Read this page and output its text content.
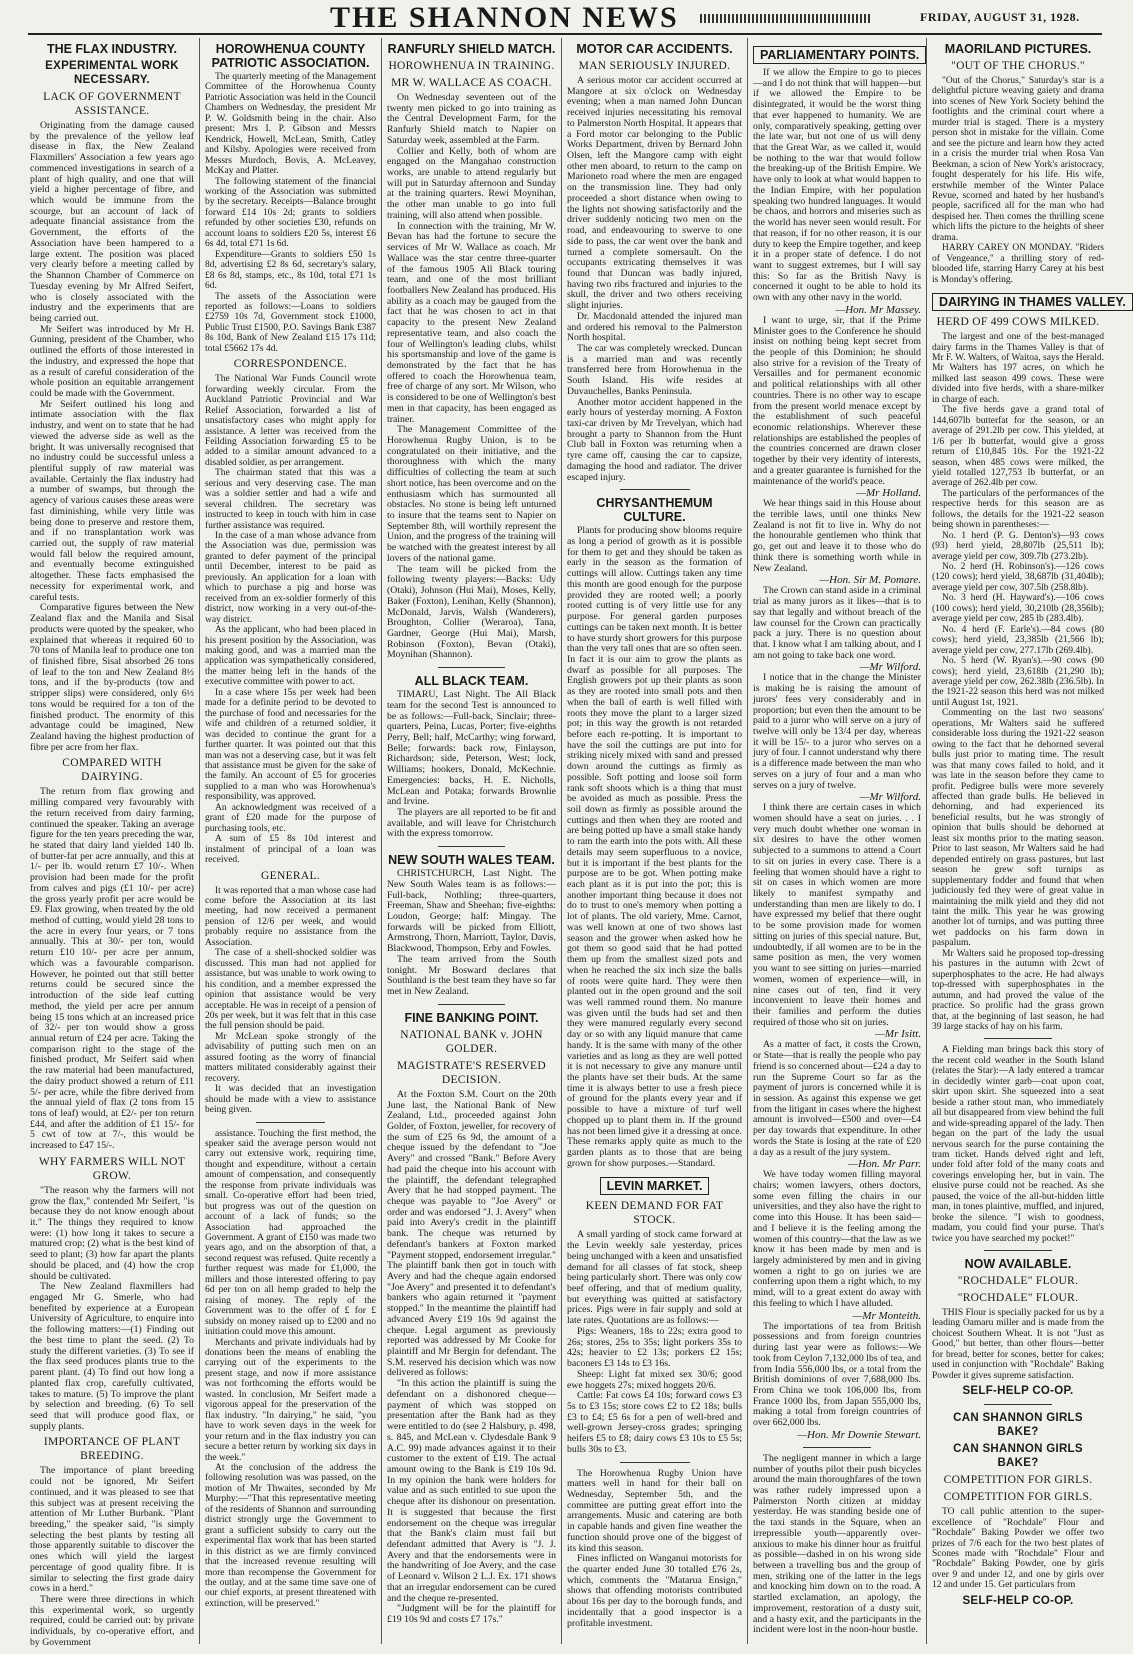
THE SHANNON NEWS	FRIDAY, AUGUST 31, 1928.
THE FLAX INDUSTRY.
EXPERIMENTAL WORK NECESSARY.
LACK OF GOVERNMENT ASSISTANCE.

Originating from the damage caused by the prevalence of the yellow leaf disease in flax, the New Zealand Flaxmillers' Association a few years ago commenced investigations in search of a plant of high quality, and one that will yield a higher percentage of fibre, and which would be immune from the scourge, but an account of lack of adequate financial assistance from the Government, the efforts of the Association have been hampered to a large extent. The position was placed very clearly before a meeting called by the Shannon Chamber of Commerce on Tuesday evening by Mr Alfred Seifert, who is closely associated with the industry and the experiments that are being carried out.

Mr Seifert was introduced by Mr H. Gunning, president of the Chamber, who outlined the efforts of those interested in the industry, and expressed the hope that as a result of careful consideration of the whole position an equitable arrangement could be made with the Government.

Mr Seifert outlined his long and intimate association with the flax industry, and went on to state that he had viewed the adverse side as well as the bright. It was universally recognised that no industry could be successful unless a plentiful supply of raw material was available. Certainly the flax industry had a number of swamps, but through the agency of various causes these areas were fast diminishing, while very little was being done to preserve and restore them, and if no transplantation work was carried out, the supply of raw material would fall below the required amount, and eventually become extinguished altogether. These facts emphasised the necessity for experimental work, and careful tests.

Comparative figures between the New Zealand flax and the Manila and Sisal products were quoted by the speaker, who explained that whereas it required 60 to 70 tons of Manila leaf to produce one ton of finished fibre, Sisal absorbed 26 tons of leaf to the ton and New Zealand 8½ tons, and if the by-products (tow and stripper slips) were considered, only 6½ tons would be required for a ton of the finished product. The enormity of this advantage could be imagined, New Zealand having the highest production of fibre per acre from her flax.

COMPARED WITH DAIRYING.

The return from flax growing and milling compared very favourably with the return received from dairy farming, continued the speaker. Taking an average figure for the ten years preceding the war, he stated that dairy land yielded 140 lb. of butter-fat per acre annually, and this at 1/- per lb. would return £7 10/-. When provision had been made for the profit from calves and pigs (£1 10/- per acre) the gross yearly profit per acre would be £9. Flax growing, when treated by the old method of cutting, would yield 28 tons to the acre in every four years, or 7 tons annually. This at 30/- per ton, would return £10 10/- per acre per annum, which was a favourable comparison. However, he pointed out that still better returns could be secured since the introduction of the side leaf cutting method, the yield per acre per annum being 15 tons which at an increased price of 32/- per ton would show a gross annual return of £24 per acre. Taking the comparison right to the stage of the finished product, Mr Seifert said when the raw material had been manufactured, the dairy product showed a return of £11 5/- per acre, while the fibre derived from the annual yield of flax (2 tons from 15 tons of leaf) would, at £2/- per ton return £44, and after the addition of £1 15/- for 5 cwt of tow at 7/-, this would be increased to £47 15/-.

WHY FARMERS WILL NOT GROW.

"The reason why the farmers will not grow the flax," contended Mr Seifert, "is because they do not know enough about it." The things they required to know were: (1) how long it takes to secure a matured crop; (2) what is the best kind of seed to plant; (3) how far apart the plants should be placed, and (4) how the crop should be cultivated.

The New Zealand flaxmillers had engaged Mr G. Smerle, who had benefited by experience at a European University of Agriculture, to enquire into the following matters:—(1) Finding out the best time to plant the seed. (2) To study the different varieties. (3) To see if the flax seed produces plants true to the parent plant. (4) To find out how long a planted flax crop, carefully cultivated, takes to mature. (5) To improve the plant by selection and breeding. (6) To sell seed that will produce good flax, or supply plants.

IMPORTANCE OF PLANT BREEDING.

The importance of plant breeding could not be ignored, Mr Seifert continued, and it was pleased to see that this subject was at present receiving the attention of Mr Luther Burbank. "Plant breeding," the speaker said, "is simply selecting the best plants by testing all those apparently suitable to discover the ones which will yield the largest percentage of good quality fibre. It is similar to selecting the first grade dairy cows in a herd."

There were three directions in which this experimental work, so urgently required, could be carried out: by private individuals, by co-operative effort, and by Government

HOROWHENUA COUNTY PATRIOTIC ASSOCIATION.

The quarterly meeting of the Management Committee of the Horowhenua County Patriotic Association was held in the Council Chambers on Wednesday, the president Mr P. W. Goldsmith being in the chair. Also present: Mrs I. P. Gibson and Messrs Kendrick, Howell, McLean, Smith, Catley and Kilsby. Apologies were received from Messrs Murdoch, Bovis, A. McLeavey, McKay and Platter.

The following statement of the financial working of the Association was submitted by the secretary. Receipts—Balance brought forward £14 10s 2d; grants to soldiers refunded by other societies £30, refunds on account loans to soldiers £20 5s, interest £6 6s 4d, total £71 1s 6d.

Expenditure—Grants to soldiers £50 1s 8d, advertising £2 8s 6d, secretary's salary, £8 6s 8d, stamps, etc., 8s 10d, total £71 1s 6d.

The assets of the Association were reported as follows:—Loans to soldiers £2759 10s 7d, Government stock £1000, Public Trust £1500, P.O. Savings Bank £387 8s 10d, Bank of New Zealand £15 17s 11d; total £5662 17s 4d.

CORRESPONDENCE.

The National War Funds Council wrote forwarding weekly circular. From the Auckland Patriotic Provincial and War Relief Association, forwarded a list of unsatisfactory cases who might apply for assistance. A letter was received from the Feilding Association forwarding £5 to be added to a similar amount advanced to a disabled soldier, as per arrangement.

The chairman stated that this was a serious and very deserving case. The man was a soldier settler and had a wife and several children. The secretary was instructed to keep in touch with him in case further assistance was required.

In the case of a man whose advance from the Association was due, permission was granted to defer payment of the principal until December, interest to be paid as previously. An application for a loan with which to purchase a pig and horse was received from an ex-soldier formerly of this district, now working in a very out-of-the-way district.

As the applicant, who had been placed in his present position by the Association, was making good, and was a married man the application was sympathetically considered, the matter being left in the hands of the executive committee with power to act.

In a case where 15s per week had been made for a definite period to be devoted to the purchase of food and necessaries for the wife and children of a returned soldier, it was decided to continue the grant for a further quarter. It was pointed out that this man was not a deserving case, but it was felt that assistance must be given for the sake of the family. An account of £5 for groceries supplied to a man who was Horowhenua's responsibility, was approved.

An acknowledgment was received of a grant of £20 made for the purpose of purchasing tools, etc.

A sum of £5 8s 10d interest and instalment of principal of a loan was received.

GENERAL.

It was reported that a man whose case had come before the Association at its last meeting, had now received a permanent pension of 12/6 per week, and would probably require no assistance from the Association.

The case of a shell-shocked soldier was discussed. This man had not applied for assistance, but was unable to work owing to his condition, and a member expressed the opinion that assistance would be very acceptable. He was in receipt of a pension of 20s per week, but it was felt that in this case the full pension should be paid.

Mr McLean spoke strongly of the advisability of putting such men on an assured footing as the worry of financial matters militated considerably against their recovery.

It was decided that an investigation should be made with a view to assistance being given.

assistance. Touching the first method, the speaker said the average person would not carry out extensive work, requiring time, thought and expenditure, without a certain amount of compensation, and consequently the response from private individuals was small. Co-operative effort had been tried, but progress was out of the question on account of a lack of funds; so the Association had approached the Government. A grant of £150 was made two years ago, and on the absorption of that, a second request was refused. Quite recently a further request was made for £1,000, the millers and those interested offering to pay 6d per ton on all hemp graded to help the raising of money. The reply of the Government was to the offer of £ for £ subsidy on money raised up to £200 and no initiation could move this amount.

Merchants and private individuals had by donations been the means of enabling the carrying out of the experiments to the present stage, and now if more assistance was not forthcoming the efforts would be wasted. In conclusion, Mr Seifert made a vigorous appeal for the preservation of the flax industry. "In dairying," he said, "you have to work seven days in the week for your return and in the flax industry you can secure a better return by working six days in the week."

At the conclusion of the address the following resolution was was passed, on the motion of Mr Thwaites, seconded by Mr Murphy:—"That this representative meeting of the residents of Shannon and surrounding district strongly urge the Government to grant a sufficient subsidy to carry out the experimental flax work that has been started in this district as we are firmly convinced that the increased revenue resulting will more than recompense the Government for the outlay, and at the same time save one of our chief exports, at present threatened with extinction, will be preserved."

RANFURLY SHIELD MATCH.
HOROWHENUA IN TRAINING.
MR W. WALLACE AS COACH.

On Wednesday seventeen out of the twenty men picked to go into training as the Central Development Farm, for the Ranfurly Shield match to Napier on Saturday week, assembled at the Farm.

Collier and Kelly, both of whom are engaged on the Mangahao construction works, are unable to attend regularly but will put in Saturday afternoon and Sunday at the training quarters. Rewi Moynihan, the other man unable to go into full training, will also attend when possible.

In connection with the training, Mr W. Bevan has had the fortune to secure the services of Mr W. Wallace as coach. Mr Wallace was the star centre three-quarter of the famous 1905 All Black touring team, and one of the most brilliant footballers New Zealand has produced. His ability as a coach may be gauged from the fact that he was chosen to act in that capacity to the present New Zealand representative team, and also coach the four of Wellington's leading clubs, whilst his sportsmanship and love of the game is demonstrated by the fact that he has offered to coach the Horowhenua team, free of charge of any sort. Mr Wilson, who is considered to be one of Wellington's best men in that capacity, has been engaged as trainer.

The Management Committee of the Horowhenua Rugby Union, is to be congratulated on their initiative, and the thoroughness with which the many difficulties of collecting the team at such short notice, has been overcome and on the enthusiasm which has surmounted all obstacles. No stone is being left unturned to insure that the teams sent to Napier on September 8th, will worthily represent the Union, and the progress of the training will be watched with the greatest interest by all lovers of the national game.

The team will be picked from the following twenty players:—Backs: Udy (Otaki), Johnson (Hui Mai), Moses, Kelly, Baker (Foxton), Lenihan, Kelly (Shannon), McDonald, Jarvis, Walsh (Wanderers), Broughton, Collier (Weraroa), Tana, Gardner, George (Hui Mai), Marsh, Robinson (Foxton), Bevan (Otaki), Moynihan (Shannon).

ALL BLACK TEAM.

TIMARU, Last Night. The All Black team for the second Test is announced to be as follows:—Full-back, Sinclair; three-quarters, Peina, Lucas, Porter; five-eighths Perry, Bell; half, McCarthy; wing forward, Belle; forwards: back row, Finlayson, Richardson; side, Peterson, West; lock, Williams; hookers, Donald, McKechnie. Emergencies: backs, H. E. Nicholls, McLean and Potaka; forwards Brownlie and Irvine.

The players are all reported to be fit and available, and will leave for Christchurch with the express tomorrow.

NEW SOUTH WALES TEAM.

CHRISTCHURCH, Last Night. The New South Wales team is as follows:—Full-back, Nothling; three-quarters, Freeman, Shaw and Sheehan; five-eighths: Loudon, George; half: Mingay. The forwards will be picked from Elliott, Armstrong, Thorn, Marriott, Taylor, Davis, Blackwood, Thompson, Erby and Fowles.

The team arrived from the South tonight. Mr Bosward declares that Southland is the best team they have so far met in New Zealand.

FINE BANKING POINT.
NATIONAL BANK v. JOHN GOLDER.
MAGISTRATE'S RESERVED DECISION.

At the Foxton S.M. Court on the 20th June last, the National Bank of New Zealand, Ltd., proceeded against John Golder, of Foxton, jeweller, for recovery of the sum of £25 6s 9d, the amount of a cheque issued by the defendant to "Joe Avery" and crossed "Bank." Before Avery had paid the cheque into his account with the plaintiff, the defendant telegraphed Avery that he had stopped payment. The cheque was payable to "Joe Avery" or order and was endorsed "J. J. Avery" when paid into Avery's credit in the plaintiff bank. The cheque was returned by defendant's bankers at Foxton marked "Payment stopped, endorsement irregular." The plaintiff bank then got in touch with Avery and had the cheque again endorsed "Joe Avery" and presented it to defendant's bankers who again returned it "payment stopped." In the meantime the plaintiff had advanced Avery £19 10s 9d against the cheque. Legal argument as previously reported was addressed by Mr Cooke for plaintiff and Mr Bergin for defendant. The S.M. reserved his decision which was now delivered as follows:

"In this action the plaintiff is suing the defendant on a dishonored cheque—payment of which was stopped on presentation after the Bank had as they were entitled to do (see 2 Halsbury, p. 498, s. 845, and McLean v. Clydesdale Bank 9 A.C. 99) made advances against it to their customer to the extent of £19. The actual amount owing to the Bank is £19 10s 9d. In my opinion the bank were holders for value and as such entitled to sue upon the cheque after its dishonour on presentation. It is suggested that because the first endorsement on the cheque was irregular that the Bank's claim must fail but defendant admitted that Avery is "J. J. Avery and that the endorsements were in the handwriting of Joe Avery, and the case of Leonard v. Wilson 2 L.J. Ex. 171 shows that an irregular endorsement can be cured and the cheque re-presented.

"Judgment will be for the plaintiff for £19 10s 9d and costs £7 17s."

MOTOR CAR ACCIDENTS.
MAN SERIOUSLY INJURED.

A serious motor car accident occurred at Mangore at six o'clock on Wednesday evening; when a man named John Duncan received injuries necessitating his removal to Palmerston North Hospital. It appears that a Ford motor car belonging to the Public Works Department, driven by Bernard John Olsen, left the Mangore camp with eight other men aboard, to return to the camp on Marioneto road where the men are engaged on the transmission line. They had only proceeded a short distance when owing to the lights not showing satisfactorily and the driver suddenly noticing two men on the road, and endeavouring to swerve to one side to pass, the car went over the bank and turned a complete somersault. On the occupants extricating themselves it was found that Duncan was badly injured, having two ribs fractured and injuries to the skull, the driver and two others receiving slight injuries.

Dr. Macdonald attended the injured man and ordered his removal to the Palmerston North hospital.

The car was completely wrecked. Duncan is a married man and was recently transferred here from Horowhenua in the South Island. His wife resides at Duvauchelles, Banks Peninsula.

Another motor accident happened in the early hours of yesterday morning. A Foxton taxi-car driven by Mr Trevelyan, which had brought a party to Shannon from the Hunt Club ball in Foxton was returning when a tyre came off, causing the car to capsize, damaging the hood and radiator. The driver escaped injury.

CHRYSANTHEMUM CULTURE.

Plants for producing show blooms require as long a period of growth as it is possible for them to get and they should be taken as early in the season as the formation of cuttings will allow. Cuttings taken any time this month are good enough for the purpose provided they are rooted well; a poorly rooted cutting is of very little use for any purpose. For general garden purposes cuttings can be taken next month. It is better to have sturdy short growers for this purpose than the very tall ones that are so often seen. In fact it is our aim to grow the plants as dwarf as possible for all purposes. The English growers pot up their plants as soon as they are rooted into small pots and then when the ball of earth is well filled with roots they move the plant to a larger sized pot; in this way the growth is not retarded before each re-potting. It is important to have the soil the cuttings are put into for striking nicely mixed with sand and pressed down around the cuttings as firmly as possible. Soft potting and loose soil form rank soft shoots which is a thing that must be avoided as much as possible. Press the soil down as firmly as possible around the cuttings and then when they are rooted and are being potted up have a small stake handy to ram the earth into the pots with. All these details may seem superfluous to a novice, but it is important if the best plants for the purpose are to be got. When potting make each plant as it is put into the pot; this is another important thing because it does not do to trust to one's memory when potting a lot of plants. The old variety, Mme. Carnot, was well known at one of two shows last season and the grower when asked how he got them so good said that he had potted them up from the smallest sized pots and when he reached the six inch size the balls of roots were quite hard. They were then planted out in the open ground and the soil was well rammed round them. No manure was given until the buds had set and then they were manured regularly every second day or so with any liquid manure that came handy. It is the same with many of the other varieties and as long as they are well potted it is not necessary to give any manure until the plants have set their buds. At the same time it is always better to use a fresh piece of ground for the plants every year and if possible to have a mixture of turf well chopped up to plant them in. If the ground has not been limed give it a dressing at once. These remarks apply quite as much to the garden plants as to those that are being grown for show purposes.—Standard.

LEVIN MARKET.
KEEN DEMAND FOR FAT STOCK.

A small yarding of stock came forward at the Levin weekly sale yesterday, prices being unchanged with a keen and unsatisfied demand for all classes of fat stock, sheep being particularly short. There was only cow beef offering, and that of medium quality, but everything was quitted at satisfactory prices. Pigs were in fair supply and sold at late rates. Quotations are as follows:—

Pigs: Weaners, 18s to 22s; extra good to 26s; stores, 25s to 35s; light porkers 35s to 42s; heavier to £2 13s; porkers £2 15s; baconers £3 14s to £3 16s.

Sheep: Light fat mixed sex 30/6; good ewe hoggets 27s; mixed hoggets 20/6.

Cattle: Fat cows £4 10s; forward cows £3 5s to £3 15s; store cows £2 to £2 18s; bulls £3 to £4; £5 6s for a pen of well-bred and well-grown Jersey-cross grades; springing heifers £5 to £8; dairy cows £3 10s to £5 5s; bulls 30s to £3.

The Horowhenua Rugby Union have matters well in hand for their ball on Wednesday, September 5th, and the committee are putting great effort into the arrangements. Music and catering are both in capable hands and given fine weather the function should prove one of the biggest of its kind this season.

Fines inflicted on Wanganui motorists for the quarter ended June 30 totalled £76 2s, which, comments the "Matarua Ensign," shows that offending motorists contributed about 16s per day to the borough funds, and incidentally that a good inspector is a profitable investment.

PARLIAMENTARY POINTS.

If we allow the Empire to go to pieces—and I do not think that will happen—but if we allowed the Empire to be disintegrated, it would be the worst thing that ever happened to humanity. We are only, comparatively speaking, getting over the late war, but not one of us will deny that the Great War, as we called it, would be nothing to the war that would follow the breaking-up of the British Empire. We have only to look at what would happen to the Indian Empire, with her population speaking two hundred languages. It would be chaos, and horrors and miseries such as the world has never seen would result. For that reason, if for no other reason, it is our duty to keep the Empire together, and keep it in a proper state of defence. I do not want to suggest extremes, but I will say this: So far as the British Navy is concerned it ought to be able to hold its own with any other navy in the world.

—Hon. Mr Massey.

I want to urge, sir, that if the Prime Minister goes to the Conference he should insist on nothing being kept secret from the people of this Dominion; he should also strive for a revision of the Treaty of Versailles and for permanent economic and political relationships with all other countries. There is no other way to escape from the present world menace except by the establishment of such peaceful economic relationships. Wherever these relationships are established the peoples of the countries concerned are drawn closer together by their very identity of interests, and a greater guarantee is furnished for the maintenance of the world's peace.

—Mr Holland.

We hear things said in this House about the terrible laws, until one thinks New Zealand is not fit to live in. Why do not the honourable gentlemen who think that go, get out and leave it to those who do think there is something worth while in New Zealand.

—Hon. Sir M. Pomare.

The Crown can stand aside in a criminal trial as many jurors as it likes—that is to say that legally and without breach of the law counsel for the Crown can practically pack a jury. There is no question about that. I know what I am talking about, and I am not going to take back one word.

—Mr Wilford.

I notice that in the change the Minister is making he is raising the amount of jurors' fees very considerably and in proportion; but even then the amount to be paid to a juror who will serve on a jury of twelve will only be 13/4 per day, whereas it will be 15/- to a juror who serves on a jury of four. I cannot understand why there is a difference made between the man who serves on a jury of four and a man who serves on a jury of twelve.

—Mr Wilford.

I think there are certain cases in which women should have a seat on juries. . . I very much doubt whether one woman in six desires to have the other women subjected to a summons to attend a Court to sit on juries in every case. There is a feeling that women should have a right to sit on cases in which women are more likely to manifest sympathy and understanding than men are likely to do. I have expressed my belief that there ought to be some provision made for women sitting on juries of this special nature. But, undoubtedly, if all women are to be in the same position as men, the very women you want to see sitting on juries—married women, women of experience—will, in nine cases out of ten, find it very inconvenient to leave their homes and their families and perform the duties required of those who sit on juries.

—Mr Isitt.

As a matter of fact, it costs the Crown, or State—that is really the people who pay friend is so concerned about—£24 a day to run the Supreme Court so far as the payment of jurors is concerned while it is in session. As against this expense we get from the litigant in cases where the highest amount is involved—£500 and over—£4 per day towards that expenditure. In other words the State is losing at the rate of £20 a day as a result of the jury system.

—Hon. Mr Parr.

We have today women filling mayoral chairs; women lawyers, others doctors, some even filling the chairs in our universities, and they also have the right to come into this House. It has been said—and I believe it is the feeling among the women of this country—that the law as we know it has been made by men and is largely administered by men and in giving women a right to go on juries we are conferring upon them a right which, to my mind, will to a great extent do away with this feeling to which I have alluded.

—Mr Monteith.

The importations of tea from British possessions and from foreign countries during last year were as follows:—We took from Ceylon 7,132,000 lbs of tea, and from India 556,000 lbs, or a total from the British dominions of over 7,688,000 lbs. From China we took 106,000 lbs, from France 1000 lbs, from Japan 555,000 lbs, making a total from foreign countries of over 662,000 lbs.

—Hon. Mr Downie Stewart.

The negligent manner in which a large number of youths pilot their push bicycles around the main thoroughfares of the town was rather rudely impressed upon a Palmerston North citizen at midday yesterday. He was standing beside one of the taxi stands in the Square, when an irrepressible youth—apparently over-anxious to make his dinner hour as fruitful as possible—dashed in on his wrong side between a travelling bus and the group of men, striking one of the latter in the legs and knocking him down on to the road. A startled exclamation, an apology, the improvement, restoration of a dusty suit, and a hasty exit, and the participants in the incident were lost in the noon-hour bustle.

MAORILAND PICTURES.
"OUT OF THE CHORUS."

"Out of the Chorus," Saturday's star is a delightful picture weaving gaiety and drama into scenes of New York Society behind the footlights and the criminal court where a murder trial is staged. There is a mystery person shot in mistake for the villain. Come and see the picture and learn how they acted in a crisis the murder trial when Rosa Van Beekman, a scion of New York's aristocracy, fought desperately for his life. His wife, erstwhile member of the Winter Palace Revue, scorned and hated by her husband's people, sacrificed all for the man who had despised her. Then comes the thrilling scene which lifts the picture to the heights of sheer drama.

HARRY CAREY ON MONDAY. "Riders of Vengeance," a thrilling story of red-blooded life, starring Harry Carey at his best is Monday's offering.

DAIRYING IN THAMES VALLEY.
HERD OF 499 COWS MILKED.

The largest and one of the best-managed dairy farms in the Thames Valley is that of Mr F. W. Walters, of Waitoa, says the Herald. Mr Walters has 197 acres, on which he milked last season 499 cows. These were divided into five herds, with a share-milker in charge of each.

The five herds gave a grand total of 144,607lb butterfat for the season, or an average of 291.2lb per cow. This yielded, at 1/6 per lb butterfat, would give a gross return of £10,845 10s. For the 1921-22 season, when 485 cows were milked, the yield totalled 127,753 lb butterfat, or an average of 262.4lb per cow.

The particulars of the performances of the respective herds for this season are as follows, the details for the 1921-22 season being shown in parentheses:—

No. 1 herd (P. G. Denton's)—93 cows (93) herd yield, 28,807lb (25,511 lb); average yield per cow, 309.7lb (273.2lb).

No. 2 herd (H. Robinson's).—126 cows (120 cows); herd yield, 38,687lb (31,404lb); average yield per cow, 307.5lb (258.8lb).

No. 3 herd (H. Hayward's).—106 cows (100 cows); herd yield, 30,210lb (28,356lb); average yield per cow, 285 lb (283.4lb).

No. 4 herd (F. Earle's).—84 cows (80 cows); herd yield, 23,385lb (21,566 lb); average yield per cow, 277.17lb (269.4lb).

No. 5 herd (W. Ryan's).—90 cows (90 cows); herd yield, 23,618lb (21,290 lb); average yield per cow, 262.38lb (236.5lb). In the 1921-22 season this herd was not milked until August 1st, 1921.

Commenting on the last two seasons' operations, Mr Walters said he suffered considerable loss during the 1921-22 season owing to the fact that he dehorned several bulls just prior to mating time. The result was that many cows failed to hold, and it was late in the season before they came to profit. Pedigree bulls were more severely affected than grade bulls. He believed in dehorning, and had experienced its beneficial results, but he was strongly of opinion that bulls should be dehorned at least six months prior to the mating season. Prior to last season, Mr Walters said he had depended entirely on grass pastures, but last season he grew soft turnips as supplementary fodder and found that when judiciously fed they were of great value in maintaining the milk yield and they did not taint the milk. This year he was growing another lot of turnips, and was putting three wet paddocks on his farm down in paspalum.

Mr Walters said he proposed top-dressing his pastures in the autumn with 2cwt of superphosphates to the acre. He had always top-dressed with superphosphates in the autumn, and had proved the value of the practice. So prolific had the grass grown that, at the beginning of last season, he had 39 large stacks of hay on his farm.

A Fielding man brings back this story of the recent cold weather in the South Island (relates the Star):—A lady entered a tramcar in decidedly winter garb—coat upon coat, skirt upon skirt. She squeezed into a seat beside a rather stout man, who immediately all but disappeared from view behind the full and wide-spreading apparel of the lady. Then began on the part of the lady the usual nervous search for the purse containing the tram ticket. Hands delved right and left, under fold after fold of the many coats and coverings enveloping her, but in vain. The elusive purse could not be reached. As she paused, the voice of the all-but-hidden little man, in tones plaintive, muffled, and injured, broke the silence. "I wish to goodness, madam, you could find your purse. That's twice you have searched my pocket!"

NOW AVAILABLE.
"ROCHDALE" FLOUR.
"ROCHDALE" FLOUR.

THIS Flour is specially packed for us by a leading Oamaru miller and is made from the choicest Southern Wheat. It is not "Just as Good," but better, than other flours—better for bread, better for scones, better for cakes; used in conjunction with "Rochdale" Baking Powder it gives supreme satisfaction.

SELF-HELP CO-OP.
CAN SHANNON GIRLS BAKE?
CAN SHANNON GIRLS BAKE?
COMPETITION FOR GIRLS.
COMPETITION FOR GIRLS.

TO call public attention to the super-excellence of "Rochdale" Flour and "Rochdale" Baking Powder we offer two prizes of 7/6 each for the two best plates of Scones made with "Rochdale" Flour and "Rochdale" Baking Powder, one by girls over 9 and under 12, and one by girls over 12 and under 15. Get particulars from

SELF-HELP CO-OP.
